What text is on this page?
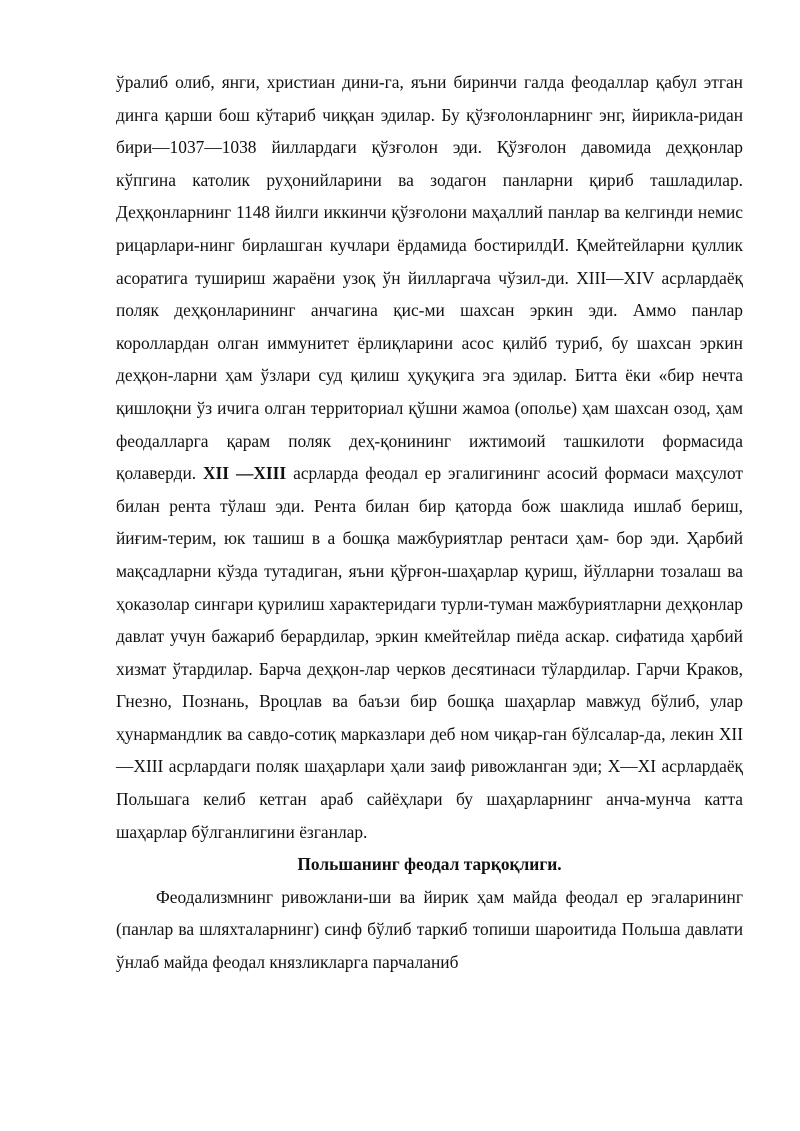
ўралиб олиб, янги, христиан дини-га, яъни биринчи галда феодаллар қабул этган динга қарши бош кўтариб чиққан эдилар. Бу қўзғолонларнинг энг, йирикла-ридан бири—1037—1038 йиллардаги қўзғолон эди. Қўзғолон давомида деҳқонлар кўпгина католик руҳонийларини ва зодагон панларни қириб ташладилар. Деҳқонларнинг 1148 йилги иккинчи қўзғолони маҳаллий панлар ва келгинди немис рицарлари-нинг бирлашган кучлари ёрдамида бостирилдИ. Қмейтейларни қуллик асоратига тушириш жараёни узоқ ўн йилларгача чўзил-ди. XIII—XIV асрлардаёқ поляк деҳқонларининг анчагина қис-ми шахсан эркин эди. Аммо панлар короллардан олган иммунитет ёрлиқларини асос қилйб туриб, бу шахсан эркин деҳқон-ларни ҳам ўзлари суд қилиш ҳуқуқига эга эдилар. Битта ёки «бир нечта қишлоқни ўз ичига олган территориал қўшни жамоа (ополье) ҳам шахсан озод, ҳам феодалларга қарам поляк деҳ-қонининг ижтимоий ташкилоти формасида қолаверди. XII —XIII асрларда феодал ер эгалигининг асосий формаси маҳсулот билан рента тўлаш эди. Рента билан бир қаторда бож шаклида ишлаб бериш, йиғим-терим, юк ташиш в а бошқа мажбуриятлар рентаси ҳам- бор эди. Ҳарбий мақсадларни кўзда тутадиган, яъни қўрғон-шаҳарлар қуриш, йўлларни тозалаш ва ҳоказолар сингари қурилиш характеридаги турли-туман мажбуриятларни деҳқонлар давлат учун бажариб берардилар, эркин кмейтейлар пиёда аскар. сифатида ҳарбий хизмат ўтардилар. Барча деҳқон-лар черков десятинаси тўлардилар. Гарчи Краков, Гнезно, Познань, Вроцлав ва баъзи бир бошқа шаҳарлар мавжуд бўлиб, улар ҳунармандлик ва савдо-сотиқ марказлари деб ном чиқар-ган бўлсалар-да, лекин XII—XIII асрлардаги поляк шаҳарлари ҳали заиф ривожланган эди; X—XI асрлардаёқ Польшага келиб кетган араб сайёҳлари бу шаҳарларнинг анча-мунча катта шаҳарлар бўлганлигини ёзганлар.

Польшанинг феодал тарқоқлиги.

Феодализмнинг ривожлани-ши ва йирик ҳам майда феодал ер эгаларининг (панлар ва шляхталарнинг) синф бўлиб таркиб топиши шароитида Польша давлати ўнлаб майда феодал князликларга парчаланиб
